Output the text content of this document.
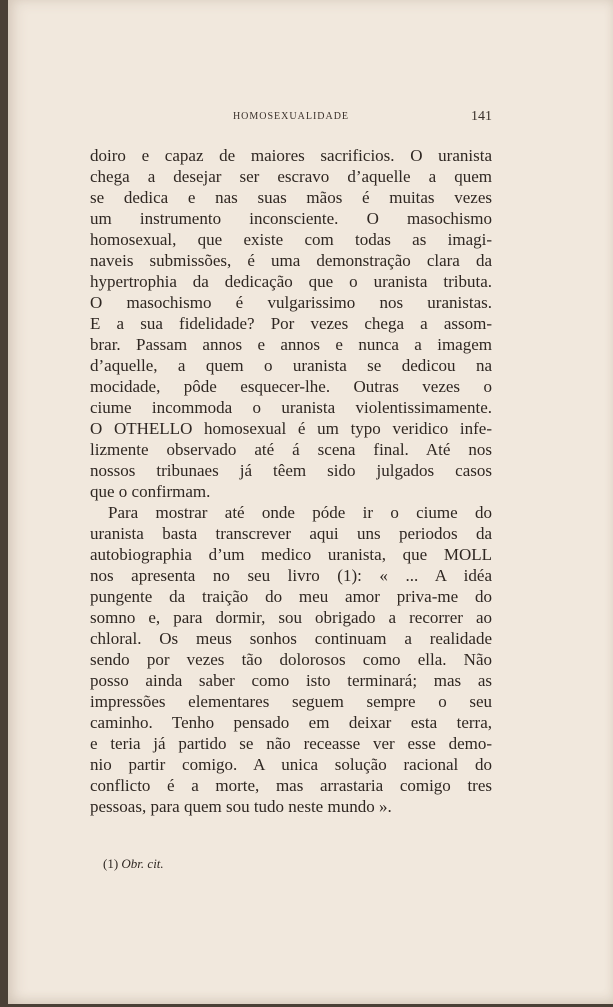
HOMOSEXUALIDADE	141
doiro e capaz de maiores sacrificios. O uranista
chega a desejar ser escravo d’aquelle a quem
se dedica e nas suas mãos é muitas vezes
um instrumento inconsciente. O masochismo
homosexual, que existe com todas as imagi-
naveis submissões, é uma demonstração clara da
hypertrophia da dedicação que o uranista tributa.
O masochismo é vulgarissimo nos uranistas.
E a sua fidelidade? Por vezes chega a assom-
brar. Passam annos e annos e nunca a imagem
d’aquelle, a quem o uranista se dedicou na
mocidade, pôde esquecer-lhe. Outras vezes o
ciume incommoda o uranista violentissimamente.
O OTHELLO homosexual é um typo veridico infe-
lizmente observado até á scena final. Até nos
nossos tribunaes já têem sido julgados casos
que o confirmam.
Para mostrar até onde póde ir o ciume do
uranista basta transcrever aqui uns periodos da
autobiographia d’um medico uranista, que MOLL
nos apresenta no seu livro (1): « ... A idéa
pungente da traição do meu amor priva-me do
somno e, para dormir, sou obrigado a recorrer ao
chloral. Os meus sonhos continuam a realidade
sendo por vezes tão dolorosos como ella. Não
posso ainda saber como isto terminará; mas as
impressões elementares seguem sempre o seu
caminho. Tenho pensado em deixar esta terra,
e teria já partido se não receasse ver esse demo-
nio partir comigo. A unica solução racional do
conflicto é a morte, mas arrastaria comigo tres
pessoas, para quem sou tudo neste mundo ».
(1) Obr. cit.
